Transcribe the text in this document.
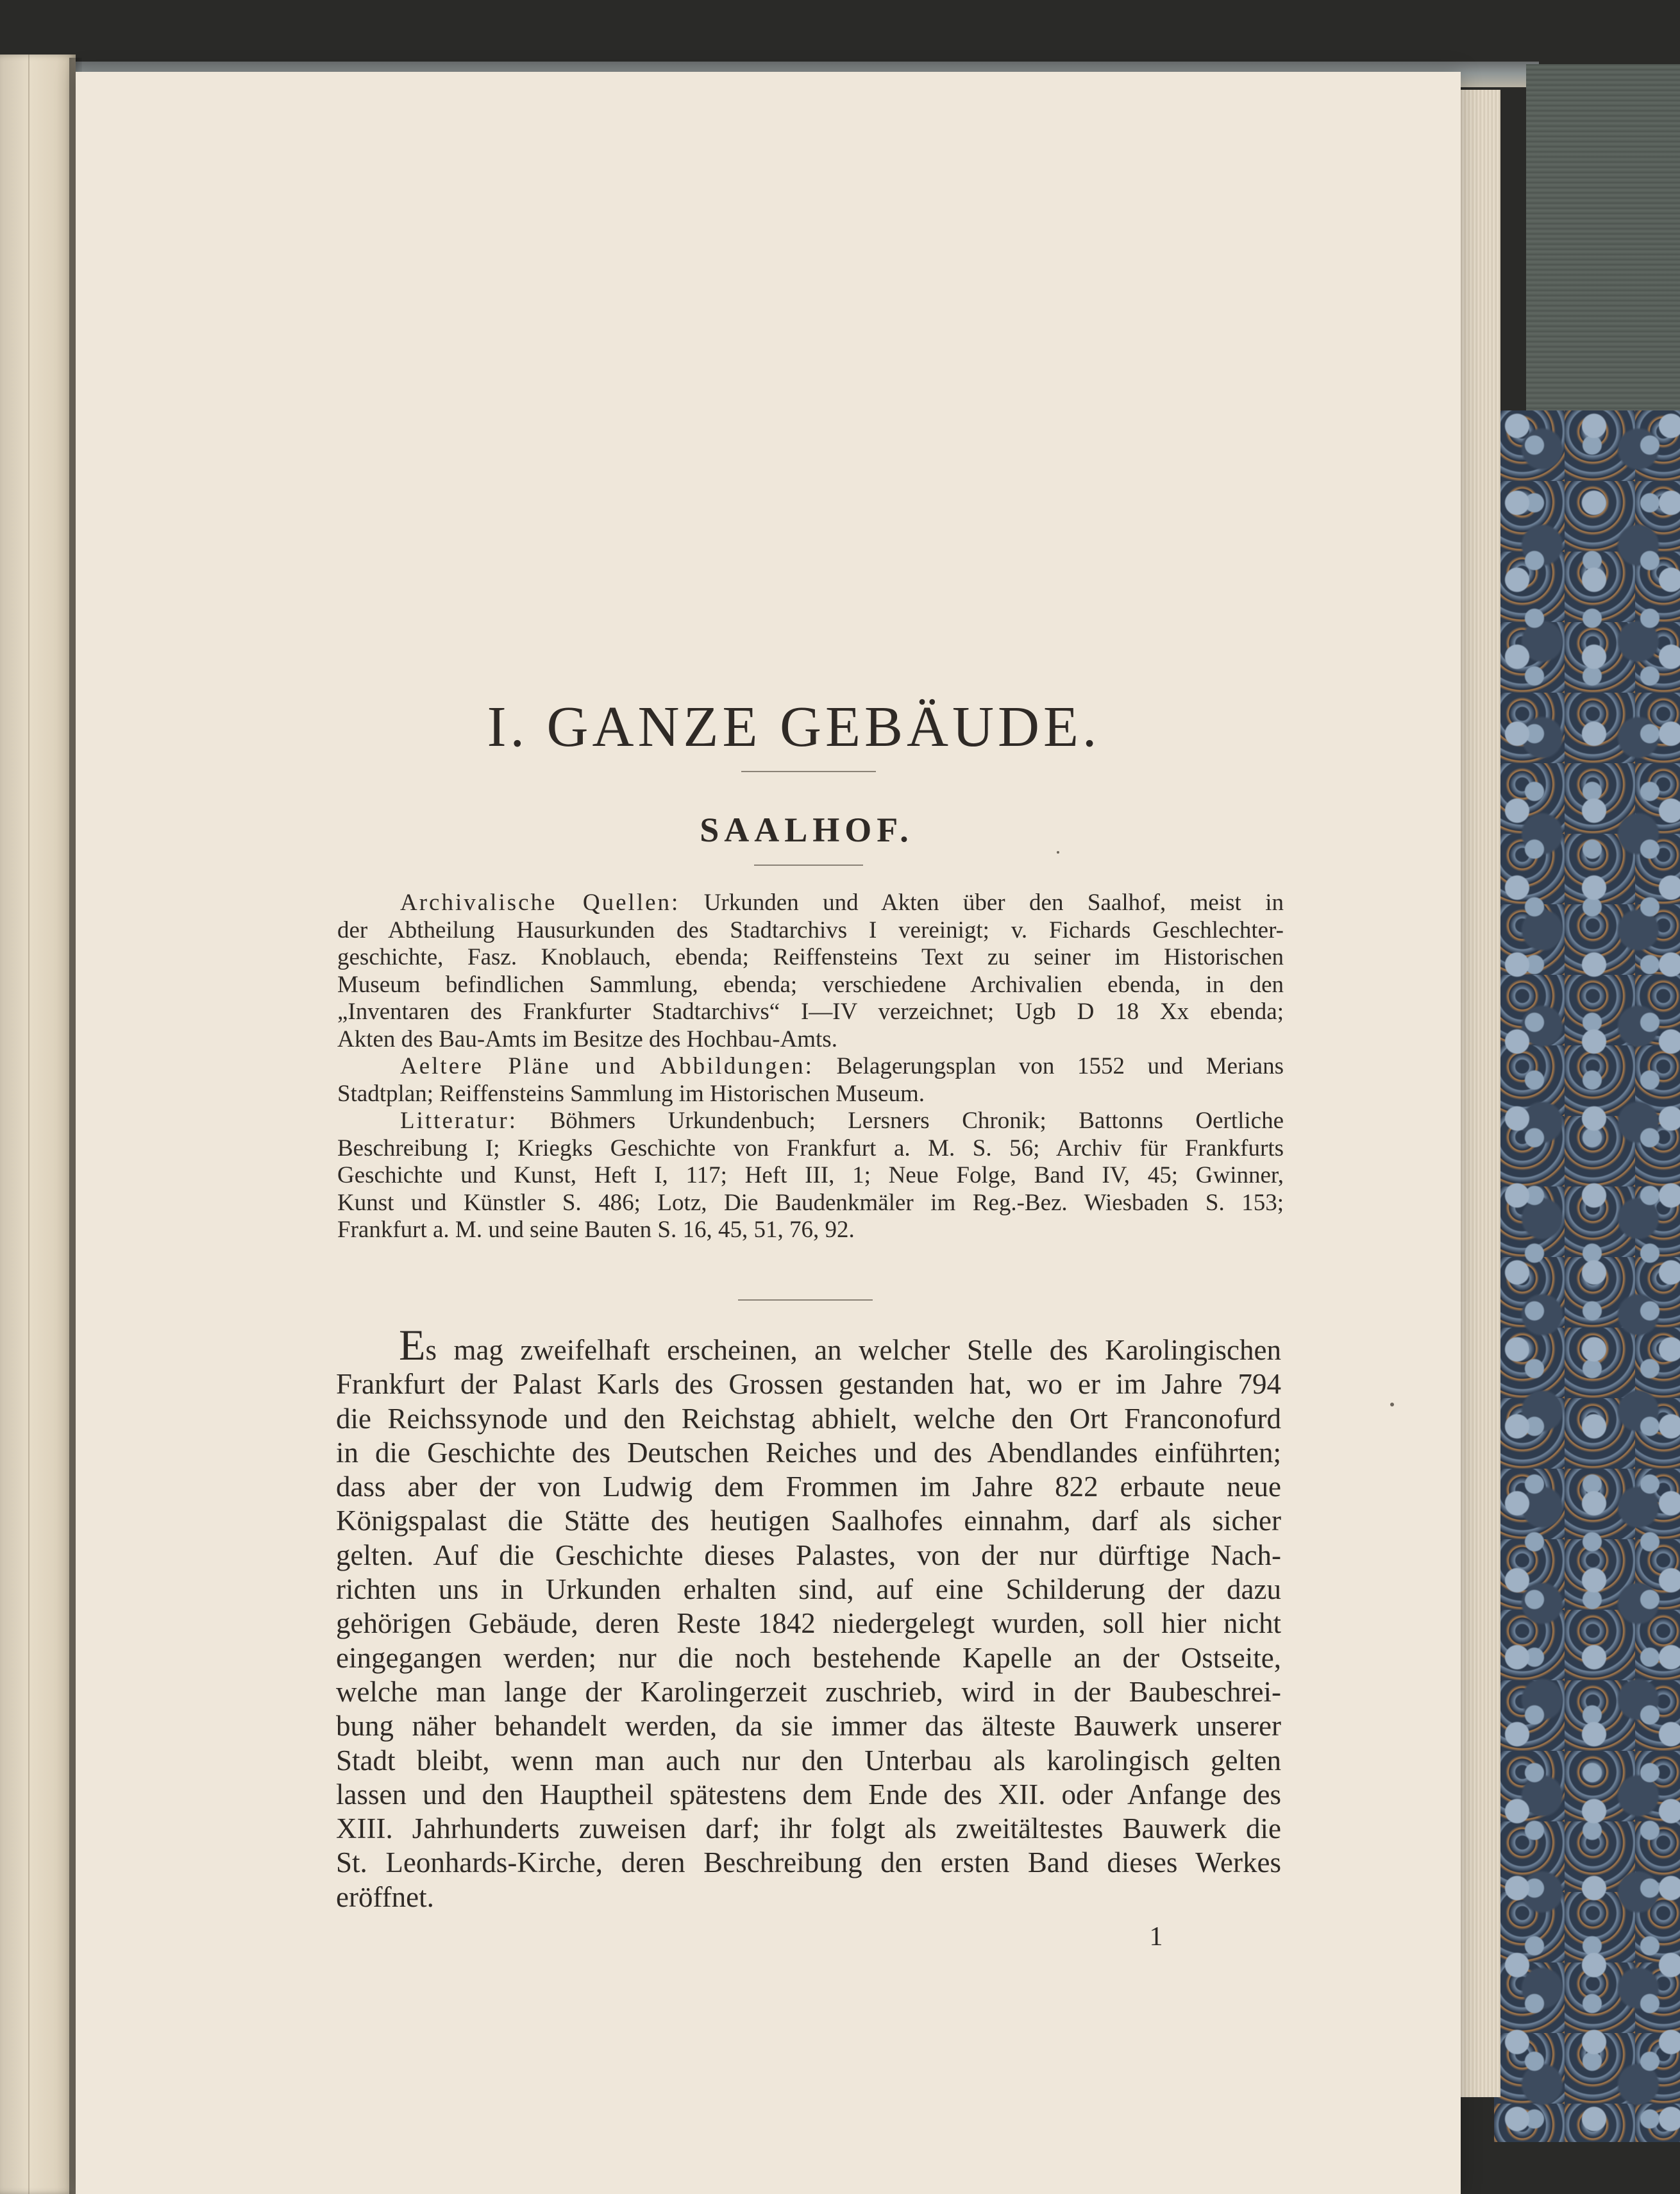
I. GANZE GEBÄUDE.
SAALHOF.
Archivalische Quellen: Urkunden und Akten über den Saalhof, meist in
der Abtheilung Hausurkunden des Stadtarchivs I vereinigt; v. Fichards Geschlechter-
geschichte, Fasz. Knoblauch, ebenda; Reiffensteins Text zu seiner im Historischen
Museum befindlichen Sammlung, ebenda; verschiedene Archivalien ebenda, in den
„Inventaren des Frankfurter Stadtarchivs“ I—IV verzeichnet; Ugb D 18 Xx ebenda;
Akten des Bau-Amts im Besitze des Hochbau-Amts.
Aeltere Pläne und Abbildungen: Belagerungsplan von 1552 und Merians
Stadtplan; Reiffensteins Sammlung im Historischen Museum.
Litteratur: Böhmers Urkundenbuch; Lersners Chronik; Battonns Oertliche
Beschreibung I; Kriegks Geschichte von Frankfurt a. M. S. 56; Archiv für Frankfurts
Geschichte und Kunst, Heft I, 117; Heft III, 1; Neue Folge, Band IV, 45; Gwinner,
Kunst und Künstler S. 486; Lotz, Die Baudenkmäler im Reg.-Bez. Wiesbaden S. 153;
Frankfurt a. M. und seine Bauten S. 16, 45, 51, 76, 92.
Es mag zweifelhaft erscheinen, an welcher Stelle des Karolingischen
Frankfurt der Palast Karls des Grossen gestanden hat, wo er im Jahre 794
die Reichssynode und den Reichstag abhielt, welche den Ort Franconofurd
in die Geschichte des Deutschen Reiches und des Abendlandes einführten;
dass aber der von Ludwig dem Frommen im Jahre 822 erbaute neue
Königspalast die Stätte des heutigen Saalhofes einnahm, darf als sicher
gelten. Auf die Geschichte dieses Palastes, von der nur dürftige Nach-
richten uns in Urkunden erhalten sind, auf eine Schilderung der dazu
gehörigen Gebäude, deren Reste 1842 niedergelegt wurden, soll hier nicht
eingegangen werden; nur die noch bestehende Kapelle an der Ostseite,
welche man lange der Karolingerzeit zuschrieb, wird in der Baubeschrei-
bung näher behandelt werden, da sie immer das älteste Bauwerk unserer
Stadt bleibt, wenn man auch nur den Unterbau als karolingisch gelten
lassen und den Hauptheil spätestens dem Ende des XII. oder Anfange des
XIII. Jahrhunderts zuweisen darf; ihr folgt als zweitältestes Bauwerk die
St. Leonhards-Kirche, deren Beschreibung den ersten Band dieses Werkes
eröffnet.
1
